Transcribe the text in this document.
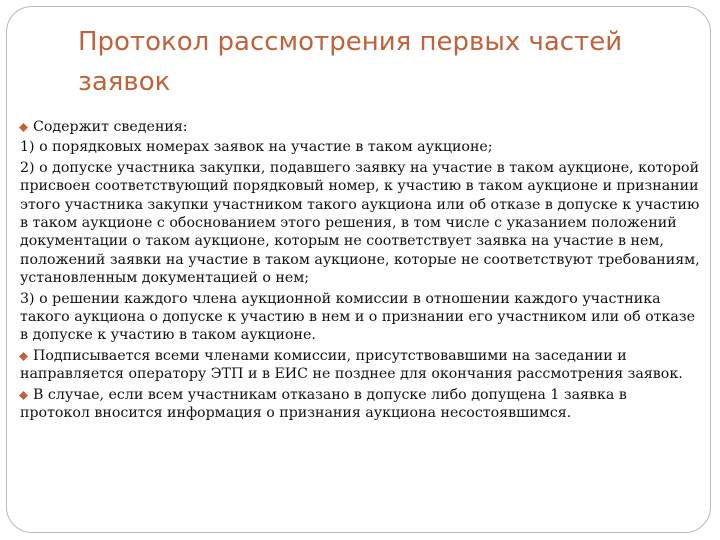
Протокол рассмотрения первых частей заявок
Содержит сведения:
1) о порядковых номерах заявок на участие в таком аукционе;
2) о допуске участника закупки, подавшего заявку на участие в таком аукционе, которой присвоен соответствующий порядковый номер, к участию в таком аукционе и признании этого участника закупки участником такого аукциона или об отказе в допуске к участию в таком аукционе с обоснованием этого решения, в том числе с указанием положений документации о таком аукционе, которым не соответствует заявка на участие в нем, положений заявки на участие в таком аукционе, которые не соответствуют требованиям, установленным документацией о нем;
3) о решении каждого члена аукционной комиссии в отношении каждого участника такого аукциона о допуске к участию в нем и о признании его участником или об отказе в допуске к участию в таком аукционе.
Подписывается всеми членами комиссии, присутствовавшими на заседании и направляется оператору ЭТП и в ЕИС не позднее для окончания рассмотрения заявок.
В случае, если всем участникам отказано в допуске либо допущена 1 заявка в протокол вносится информация о признания аукциона несостоявшимся.
